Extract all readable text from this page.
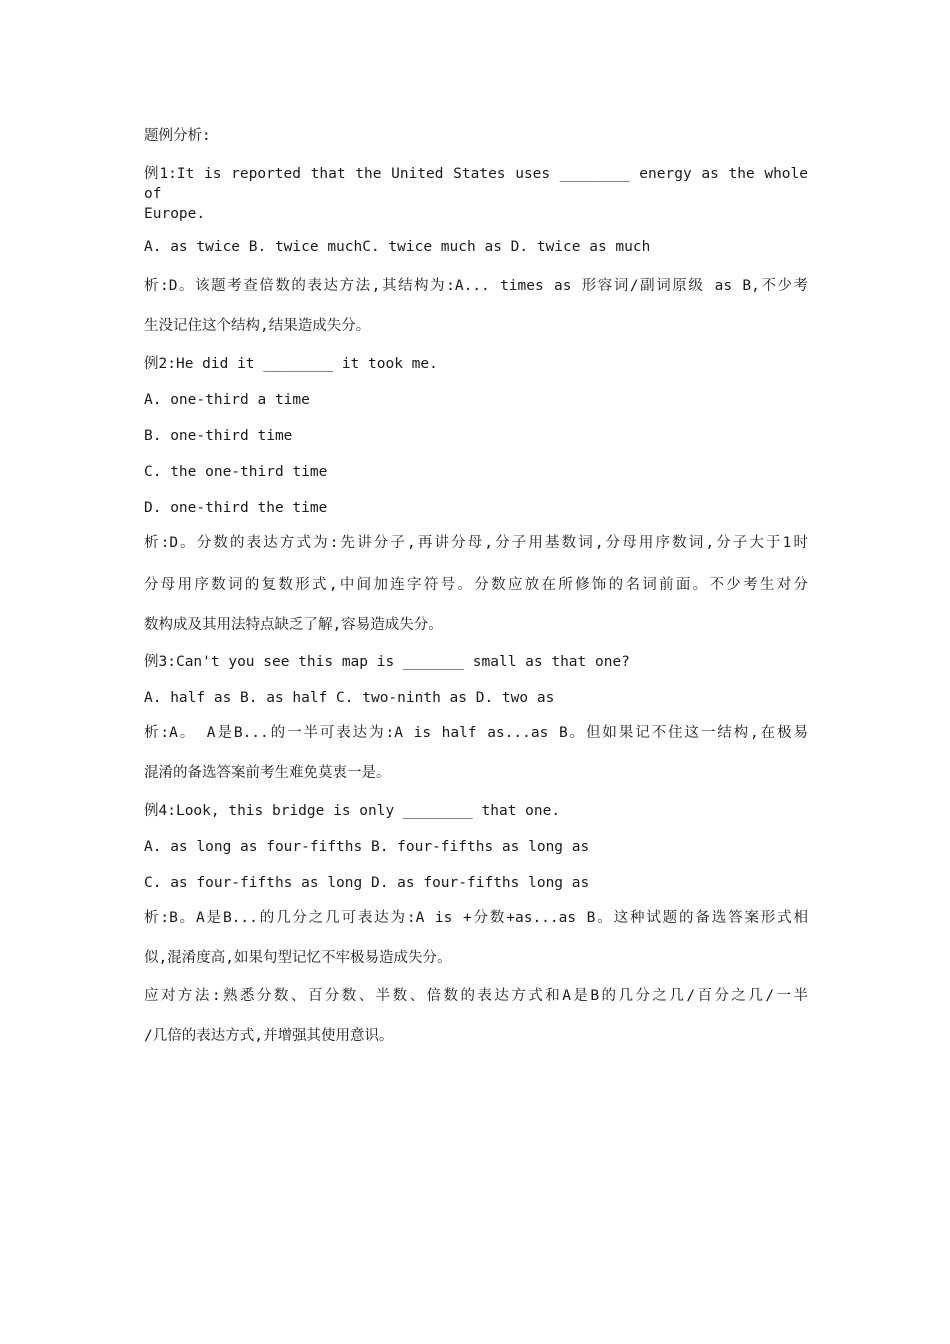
题例分析:
例1:It is reported that the United States uses ________ energy as the whole of
Europe.
A. as twice B. twice muchC. twice much as D. twice as much
析:D。该题考查倍数的表达方法,其结构为:A... times as 形容词/副词原级 as B,不少考
生没记住这个结构,结果造成失分。
例2:He did it ________ it took me.
A. one-third a time
B. one-third time
C. the one-third time
D. one-third the time
析:D。分数的表达方式为:先讲分子,再讲分母,分子用基数词,分母用序数词,分子大于1时
分母用序数词的复数形式,中间加连字符号。分数应放在所修饰的名词前面。不少考生对分
数构成及其用法特点缺乏了解,容易造成失分。
例3:Can't you see this map is _______ small as that one?
A. half as B. as half C. two-ninth as D. two as
析:A。 A是B...的一半可表达为:A is half as...as B。但如果记不住这一结构,在极易
混淆的备选答案前考生难免莫衷一是。
例4:Look, this bridge is only ________ that one.
A. as long as four-fifths B. four-fifths as long as
C. as four-fifths as long D. as four-fifths long as
析:B。A是B...的几分之几可表达为:A is +分数+as...as B。这种试题的备选答案形式相
似,混淆度高,如果句型记忆不牢极易造成失分。
应对方法:熟悉分数、百分数、半数、倍数的表达方式和A是B的几分之几/百分之几/一半
/几倍的表达方式,并增强其使用意识。
